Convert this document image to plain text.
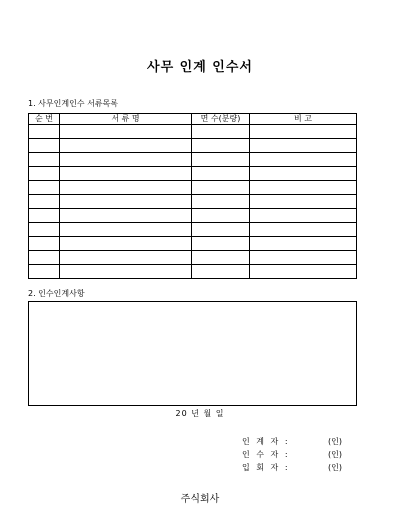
사무 인계 인수서
1. 사무인계인수 서류목록
순 번	서 류 명	면 수(분량)	비 고

2. 인수인계사항
20 년 월 일
인 계 자 :	(인)
인 수 자 :	(인)
입 회 자 :	(인)
주식회사
